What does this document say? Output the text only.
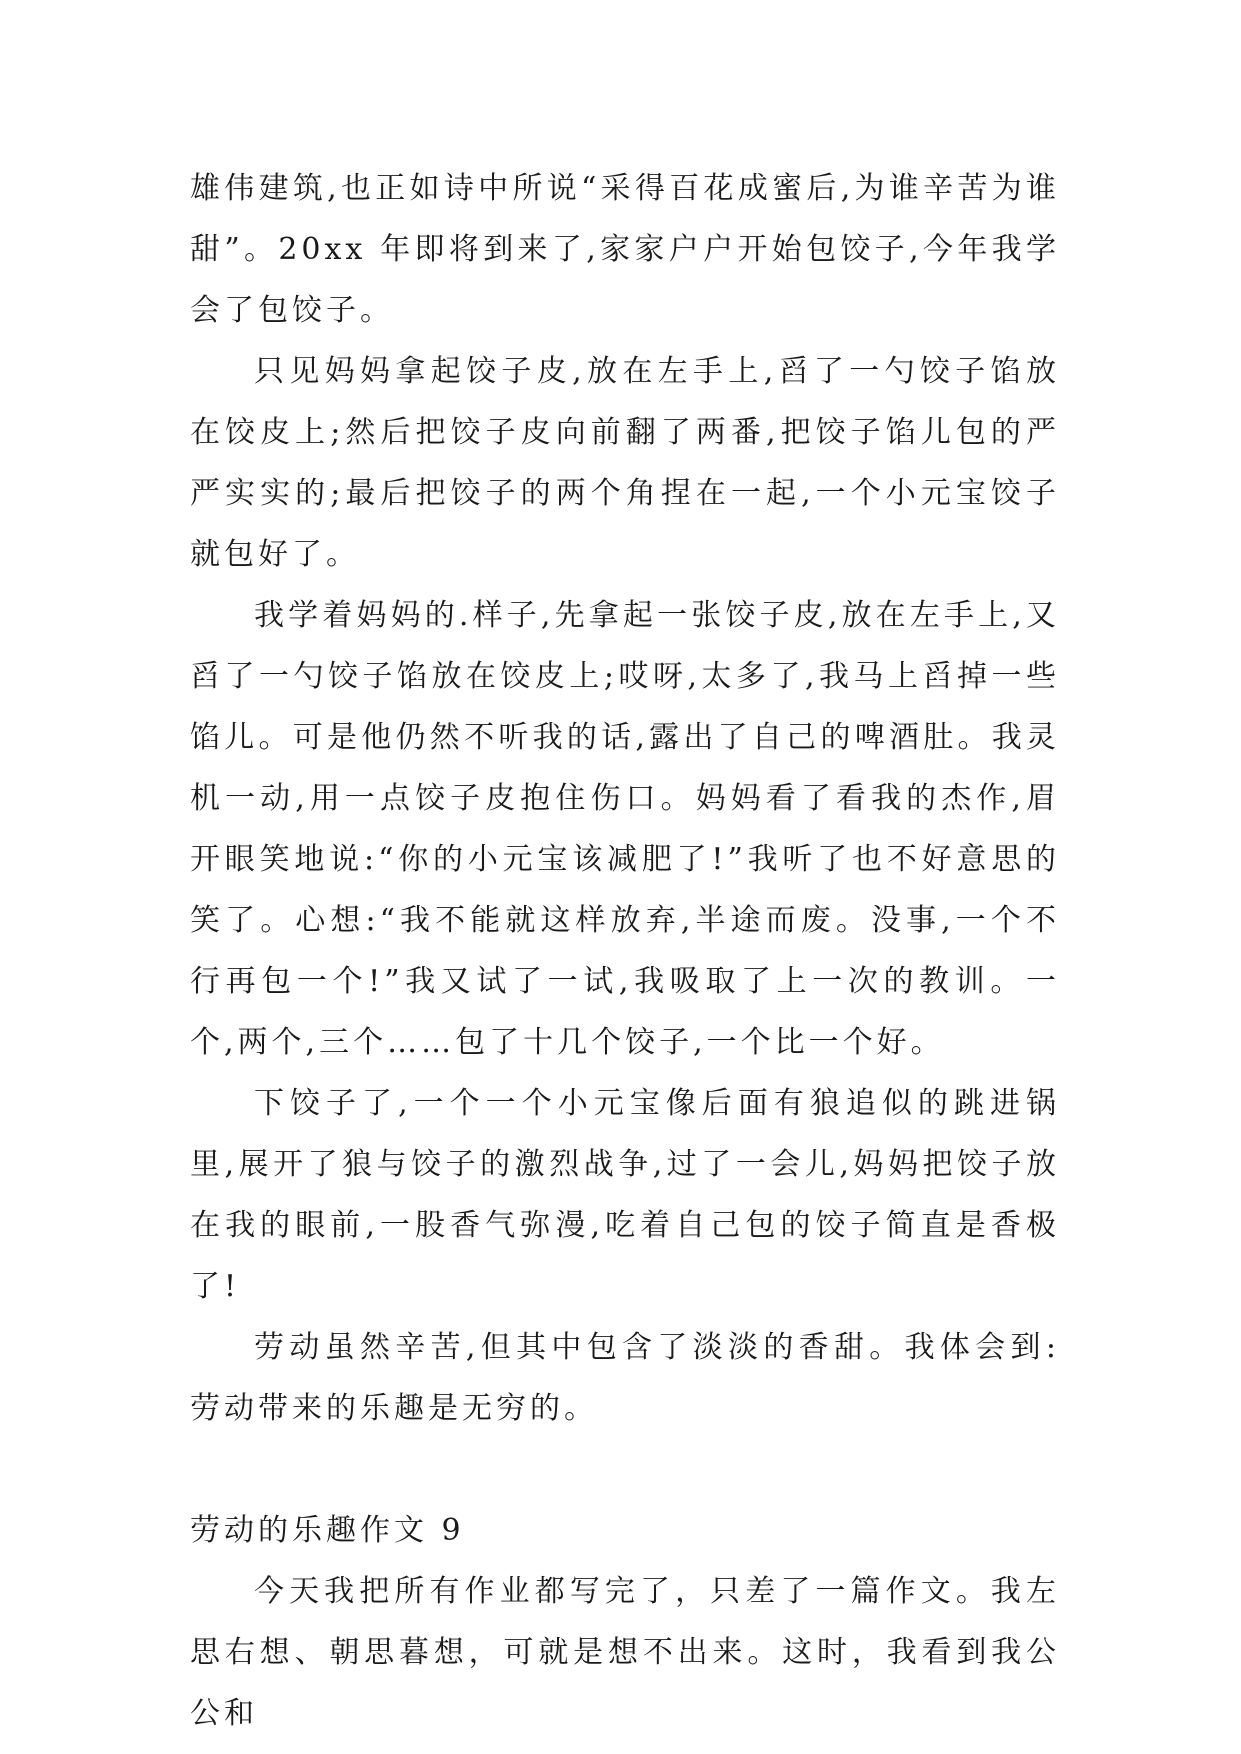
雄伟建筑,也正如诗中所说“采得百花成蜜后,为谁辛苦为谁甜”。20xx 年即将到来了,家家户户开始包饺子,今年我学会了包饺子。

只见妈妈拿起饺子皮,放在左手上,舀了一勺饺子馅放在饺皮上;然后把饺子皮向前翻了两番,把饺子馅儿包的严严实实的;最后把饺子的两个角捏在一起,一个小元宝饺子就包好了。

我学着妈妈的.样子,先拿起一张饺子皮,放在左手上,又舀了一勺饺子馅放在饺皮上;哎呀,太多了,我马上舀掉一些馅儿。可是他仍然不听我的话,露出了自己的啤酒肚。我灵机一动,用一点饺子皮抱住伤口。妈妈看了看我的杰作,眉开眼笑地说:“你的小元宝该减肥了!”我听了也不好意思的笑了。心想:“我不能就这样放弃,半途而废。没事,一个不行再包一个!”我又试了一试,我吸取了上一次的教训。一个,两个,三个……包了十几个饺子,一个比一个好。

下饺子了,一个一个小元宝像后面有狼追似的跳进锅里,展开了狼与饺子的激烈战争,过了一会儿,妈妈把饺子放在我的眼前,一股香气弥漫,吃着自己包的饺子简直是香极了!

劳动虽然辛苦,但其中包含了淡淡的香甜。我体会到:劳动带来的乐趣是无穷的。

劳动的乐趣作文 9

今天我把所有作业都写完了，只差了一篇作文。我左思右想、朝思暮想，可就是想不出来。这时，我看到我公公和
